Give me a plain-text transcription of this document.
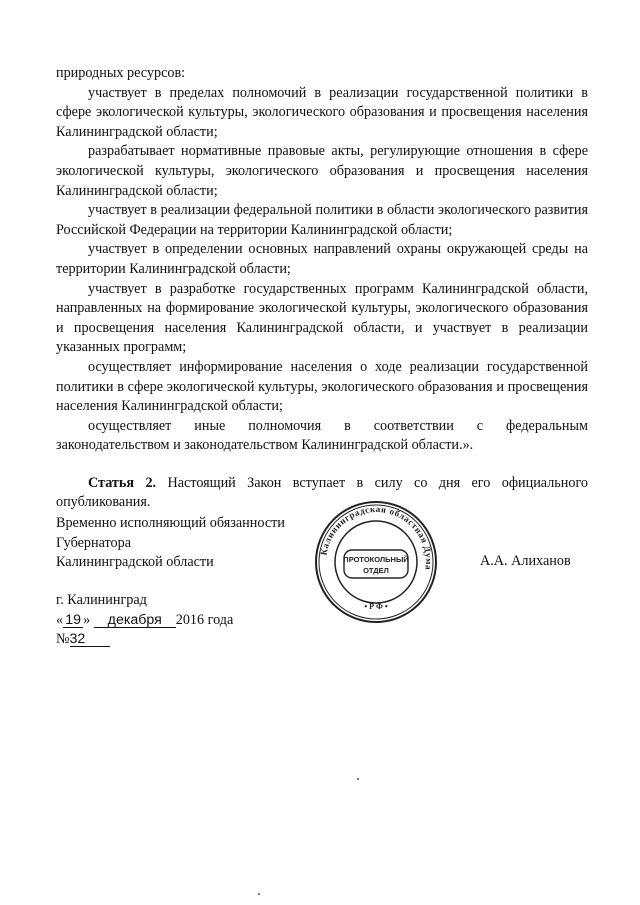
природных ресурсов:

участвует в пределах полномочий в реализации государственной политики в сфере экологической культуры, экологического образования и просвещения населения Калининградской области;

разрабатывает нормативные правовые акты, регулирующие отношения в сфере экологической культуры, экологического образования и просвещения населения Калининградской области;

участвует в реализации федеральной политики в области экологического развития Российской Федерации на территории Калининградской области;

участвует в определении основных направлений охраны окружающей среды на территории Калининградской области;

участвует в разработке государственных программ Калининградской области, направленных на формирование экологической культуры, экологического образования и просвещения населения Калининградской области, и участвует в реализации указанных программ;

осуществляет информирование населения о ходе реализации государственной политики в сфере экологической культуры, экологического образования и просвещения населения Калининградской области;

осуществляет иные полномочия в соответствии с федеральным законодательством и законодательством Калининградской области.».

Статья 2. Настоящий Закон вступает в силу со дня его официального опубликования.

Временно исполняющий обязанности

Губернатора

Калининградской области	А.А. Алиханов
Калининградская областная Дума
• Р Ф •
ПРОТОКОЛЬНЫЙ
ОТДЕЛ

г. Калининград

« 19 » декабря 2016 года

№32
